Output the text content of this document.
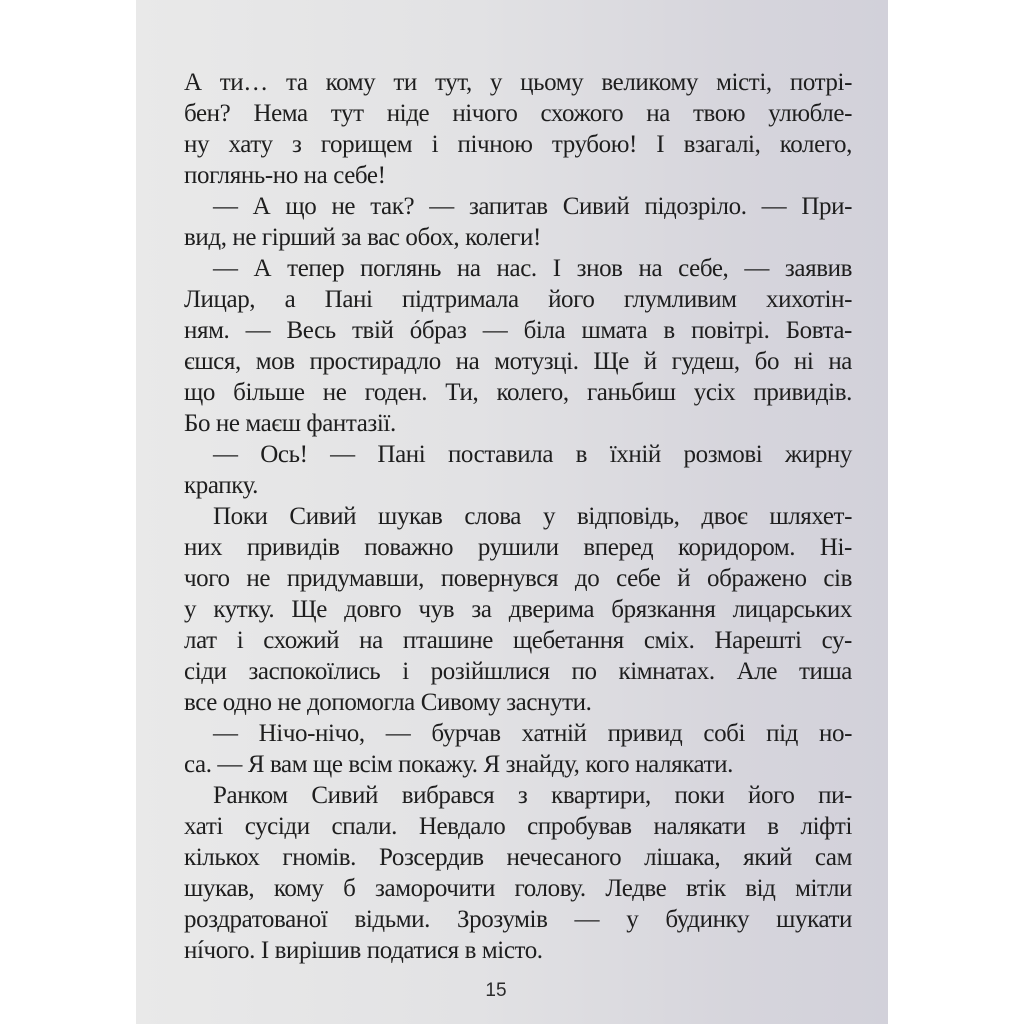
А ти… та кому ти тут, у цьому великому місті, потрі-
бен? Нема тут ніде нічого схожого на твою улюбле-
ну хату з горищем і пічною трубою! І взагалі, колего,
поглянь-но на себе!
— А що не так? — запитав Сивий підозріло. — При-
вид, не гірший за вас обох, колеги!
— А тепер поглянь на нас. І знов на себе, — заявив
Лицар, а Пані підтримала його глумливим хихотін-
ням. — Весь твій óбраз — біла шмата в повітрі. Бовта-
єшся, мов простирадло на мотузці. Ще й гудеш, бо ні на
що більше не годен. Ти, колего, ганьбиш усіх привидів.
Бо не маєш фантазії.
— Ось! — Пані поставила в їхній розмові жирну
крапку.
Поки Сивий шукав слова у відповідь, двоє шляхет-
них привидів поважно рушили вперед коридором. Ні-
чого не придумавши, повернувся до себе й ображено сів
у кутку. Ще довго чув за дверима брязкання лицарських
лат і схожий на пташине щебетання сміх. Нарешті су-
сіди заспокоїлись і розійшлися по кімнатах. Але тиша
все одно не допомогла Сивому заснути.
— Нічо-нічо, — бурчав хатній привид собі під но-
са. — Я вам ще всім покажу. Я знайду, кого налякати.
Ранком Сивий вибрався з квартири, поки його пи-
хаті сусіди спали. Невдало спробував налякати в ліфті
кількох гномів. Розсердив нечесаного лішака, який сам
шукав, кому б заморочити голову. Ледве втік від мітли
роздратованої відьми. Зрозумів — у будинку шукати
нíчого. І вирішив податися в місто.
15
